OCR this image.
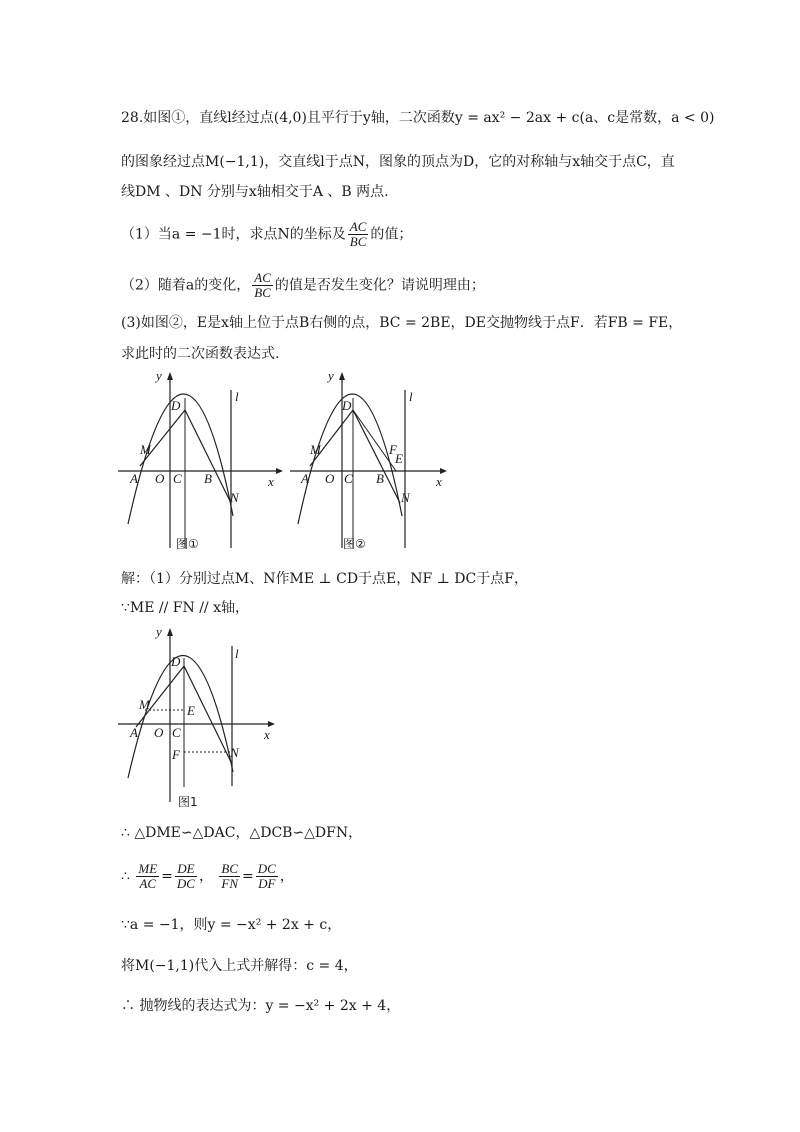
28.如图①，直线l经过点(4,0)且平行于y轴，二次函数y = ax² − 2ax + c(a、c是常数，a < 0)
的图象经过点M(−1,1)，交直线l于点N，图象的顶点为D，它的对称轴与x轴交于点C，直
线DM 、DN 分别与x轴相交于A 、B 两点.
（1）当a = −1时，求点N的坐标及 $\frac{AC}{BC}$ 的值；
（2）随着a的变化， $\frac{AC}{BC}$ 的值是否发生变化？请说明理由；
(3)如图②，E是x轴上位于点B右侧的点，BC = 2BE，DE交抛物线于点F．若FB = FE，
求此时的二次函数表达式.
y
l
D
M
A O C B
N
x
图①
y
l
D
M	F
E
A O C B
N
x
图②
解：（1）分别过点M、N作ME ⊥ CD于点E，NF ⊥ DC于点F，
∵ME // FN // x轴，
y
l
D
M	E
A O C
F	N
x
图1
∴ △DME∽△DAC，△DCB∽△DFN，
∴ $\frac{ME}{AC} = \frac{DE}{DC}$ ， $\frac{BC}{FN} = \frac{DC}{DF}$ ，
∵a = −1，则y = −x² + 2x + c，
将M(−1,1)代入上式并解得：c = 4，
∴ 抛物线的表达式为：y = −x² + 2x + 4，
